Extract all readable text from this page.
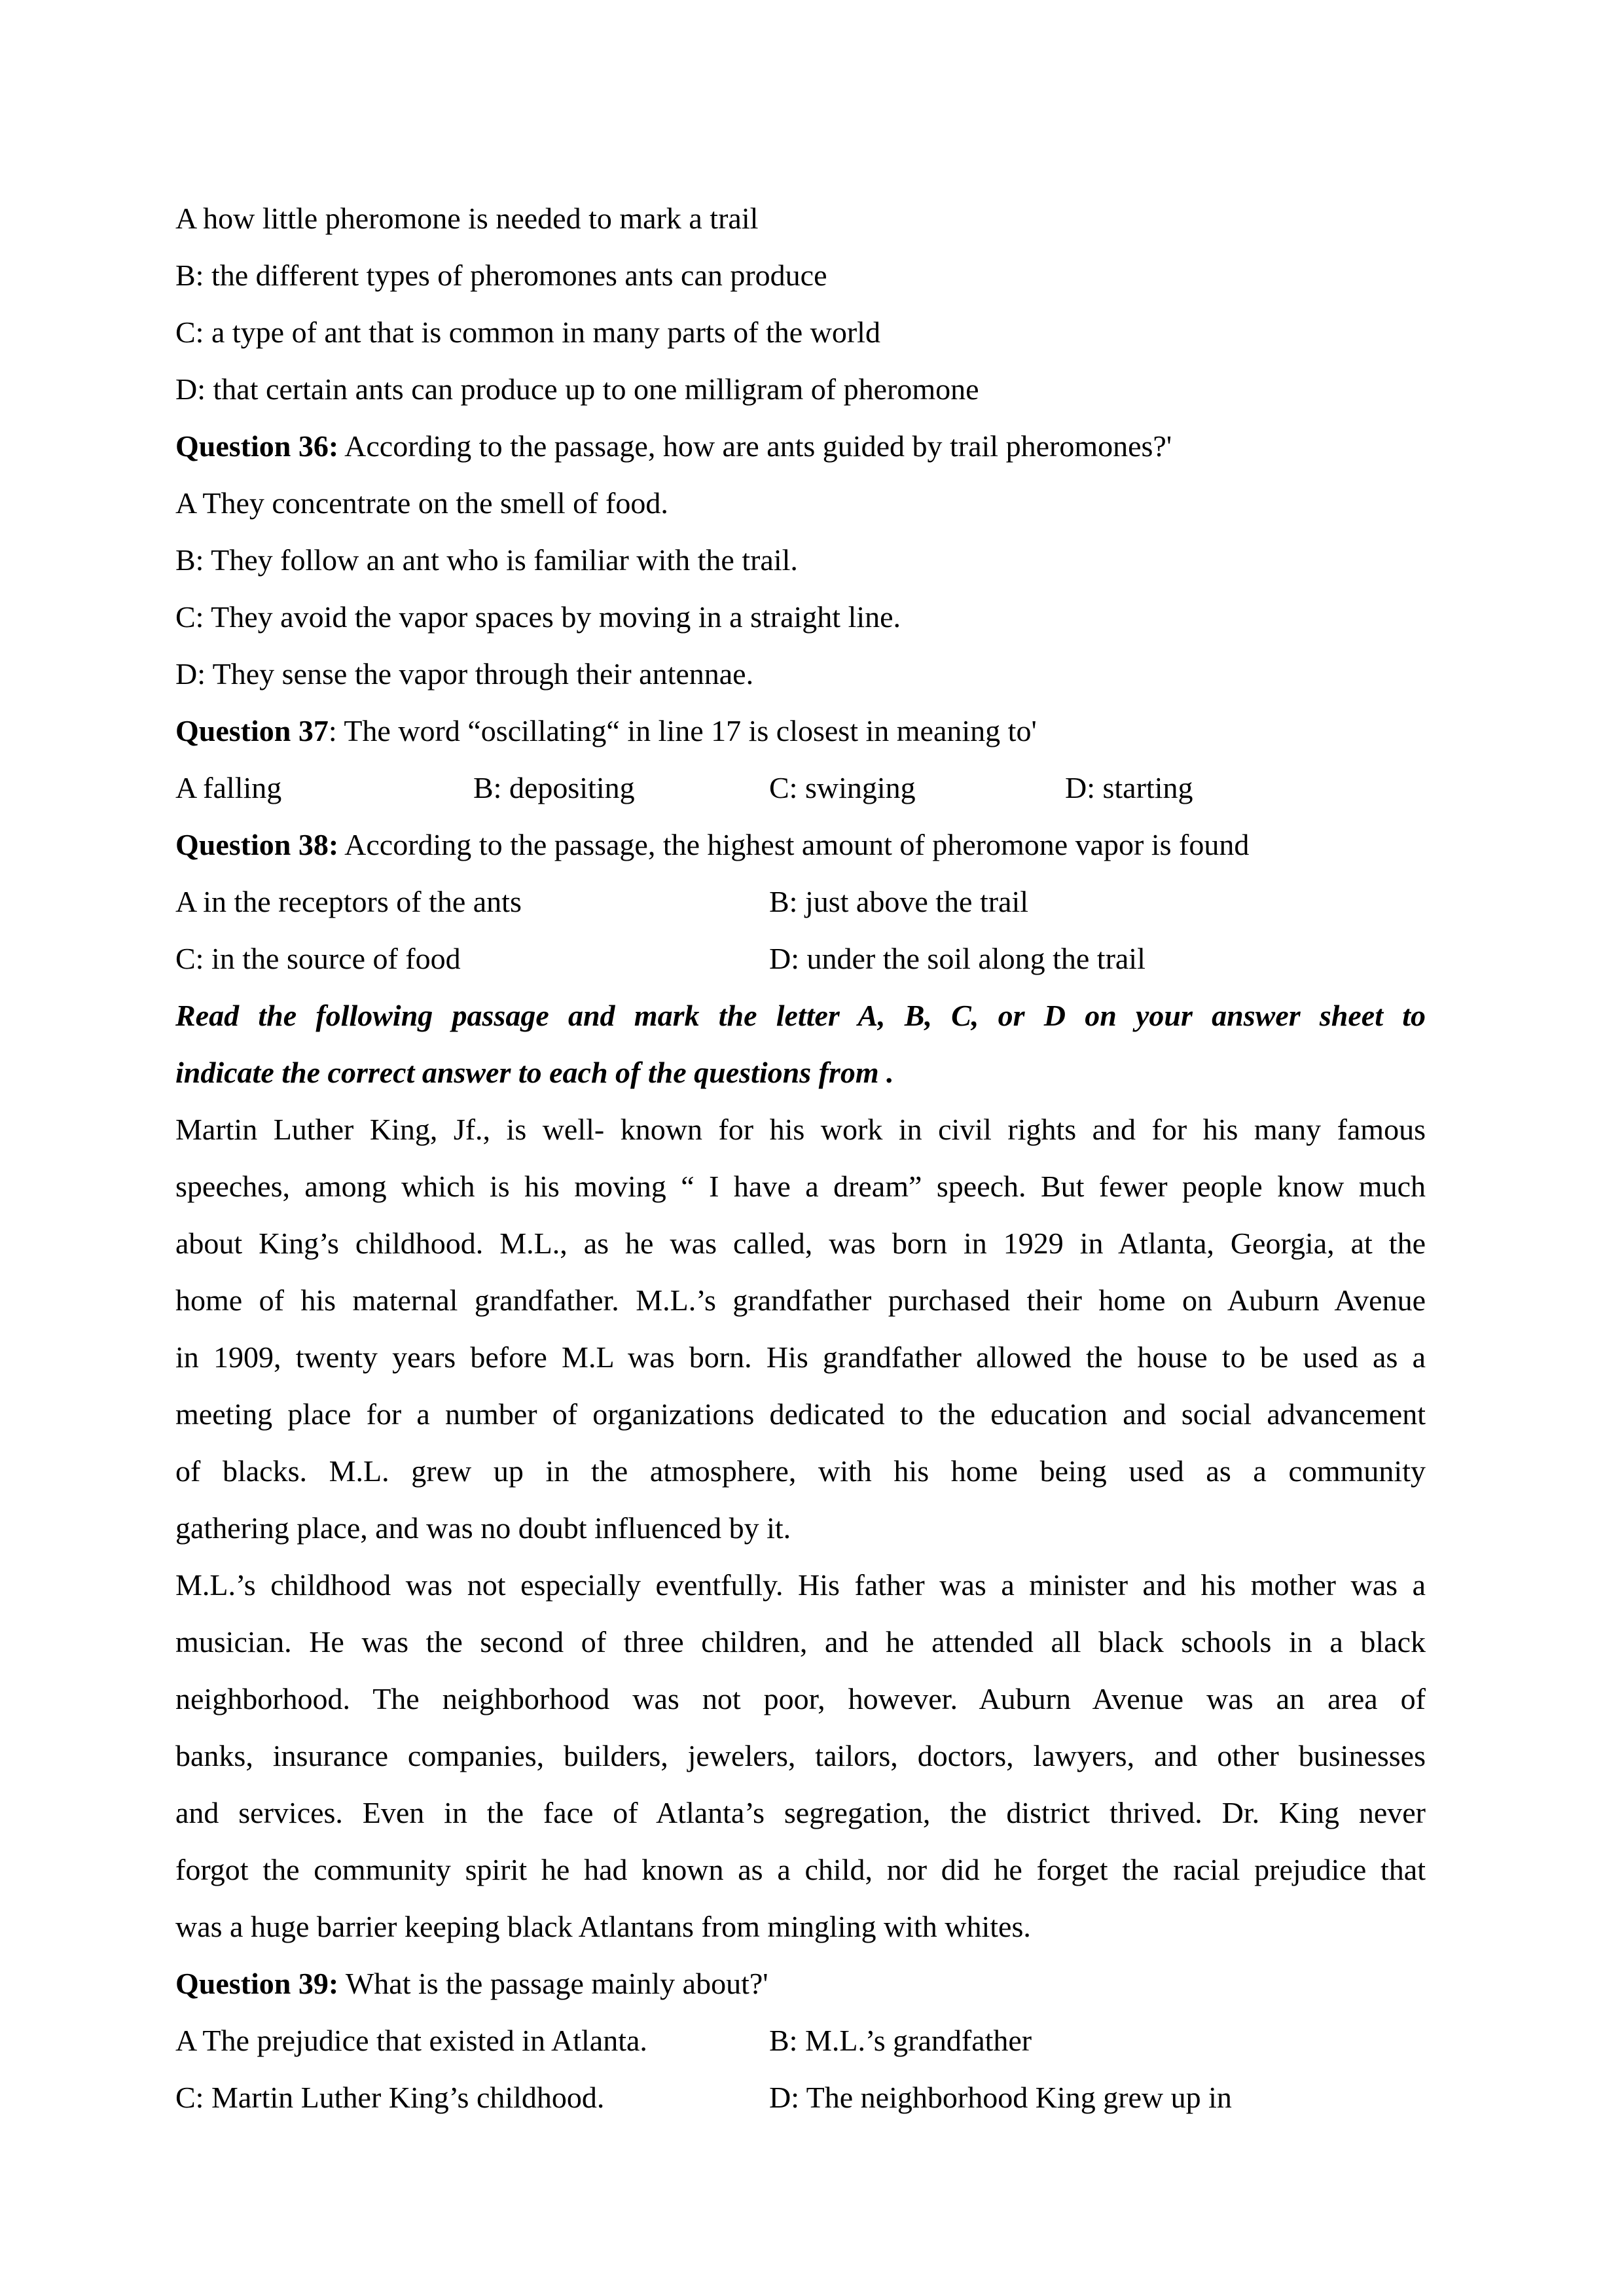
A how little pheromone is needed to mark a trail
B: the different types of pheromones ants can produce
C: a type of ant that is common in many parts of the world
D: that certain ants can produce up to one milligram of pheromone
Question 36: According to the passage, how are ants guided by trail pheromones?'
A They concentrate on the smell of food.
B: They follow an ant who is familiar with the trail.
C: They avoid the vapor spaces by moving in a straight line.
D: They sense the vapor through their antennae.
Question 37: The word “oscillating“ in line 17 is closest in meaning to'
A falling	B: depositing	C: swinging	D: starting
Question 38: According to the passage, the highest amount of pheromone vapor is found
A in the receptors of the ants	B: just above the trail
C: in the source of food	D: under the soil along the trail
Read the following passage and mark the letter A, B, C, or D on your answer sheet to
indicate the correct answer to each of the questions from .
Martin Luther King, Jf., is well- known for his work in civil rights and for his many famous
speeches, among which is his moving “ I have a dream” speech. But fewer people know much
about King’s childhood. M.L., as he was called, was born in 1929 in Atlanta, Georgia, at the
home of his maternal grandfather. M.L.’s grandfather purchased their home on Auburn Avenue
in 1909, twenty years before M.L was born. His grandfather allowed the house to be used as a
meeting place for a number of organizations dedicated to the education and social advancement
of blacks. M.L. grew up in the atmosphere, with his home being used as a community
gathering place, and was no doubt influenced by it.
M.L.’s childhood was not especially eventfully. His father was a minister and his mother was a
musician. He was the second of three children, and he attended all black schools in a black
neighborhood. The neighborhood was not poor, however. Auburn Avenue was an area of
banks, insurance companies, builders, jewelers, tailors, doctors, lawyers, and other businesses
and services. Even in the face of Atlanta’s segregation, the district thrived. Dr. King never
forgot the community spirit he had known as a child, nor did he forget the racial prejudice that
was a huge barrier keeping black Atlantans from mingling with whites.
Question 39: What is the passage mainly about?'
A The prejudice that existed in Atlanta.	B: M.L.’s grandfather
C: Martin Luther King’s childhood.	D: The neighborhood King grew up in
